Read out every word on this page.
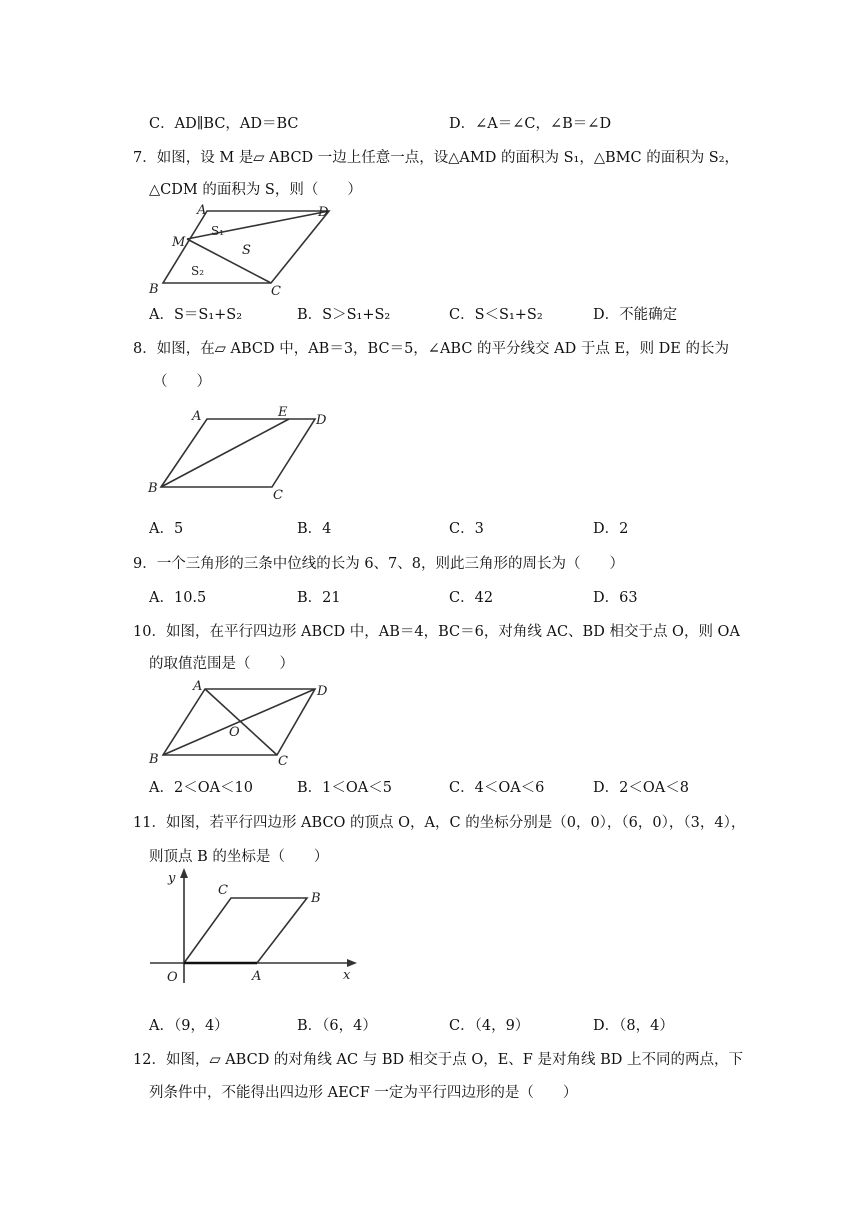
C．AD∥BC，AD＝BC	D．∠A＝∠C，∠B＝∠D
7．如图，设 M 是▱ ABCD 一边上任意一点，设△AMD 的面积为 S₁，△BMC 的面积为 S₂，
△CDM 的面积为 S，则（　　）
A	D
M
B	C
S₁
S
S₂
A．S＝S₁+S₂	B．S＞S₁+S₂	C．S＜S₁+S₂	D．不能确定
8．如图，在▱ ABCD 中，AB＝3，BC＝5，∠ABC 的平分线交 AD 于点 E，则 DE 的长为
（　　）
A	E
D
B	C
A．5	B．4	C．3	D．2
9．一个三角形的三条中位线的长为 6、7、8，则此三角形的周长为（　　）
A．10.5	B．21	C．42	D．63
10．如图，在平行四边形 ABCD 中，AB＝4，BC＝6，对角线 AC、BD 相交于点 O，则 OA
的取值范围是（　　）
A	D
O
B	C
A．2＜OA＜10	B．1＜OA＜5	C．4＜OA＜6	D．2＜OA＜8
11．如图，若平行四边形 ABCO 的顶点 O，A，C 的坐标分别是（0，0），（6，0），（3，4），
则顶点 B 的坐标是（　　）
y
x
O	A
B
C
A．（9，4）	B．（6，4）	C．（4，9）	D．（8，4）
12．如图，▱ ABCD 的对角线 AC 与 BD 相交于点 O，E、F 是对角线 BD 上不同的两点，下
列条件中，不能得出四边形 AECF 一定为平行四边形的是（　　）
